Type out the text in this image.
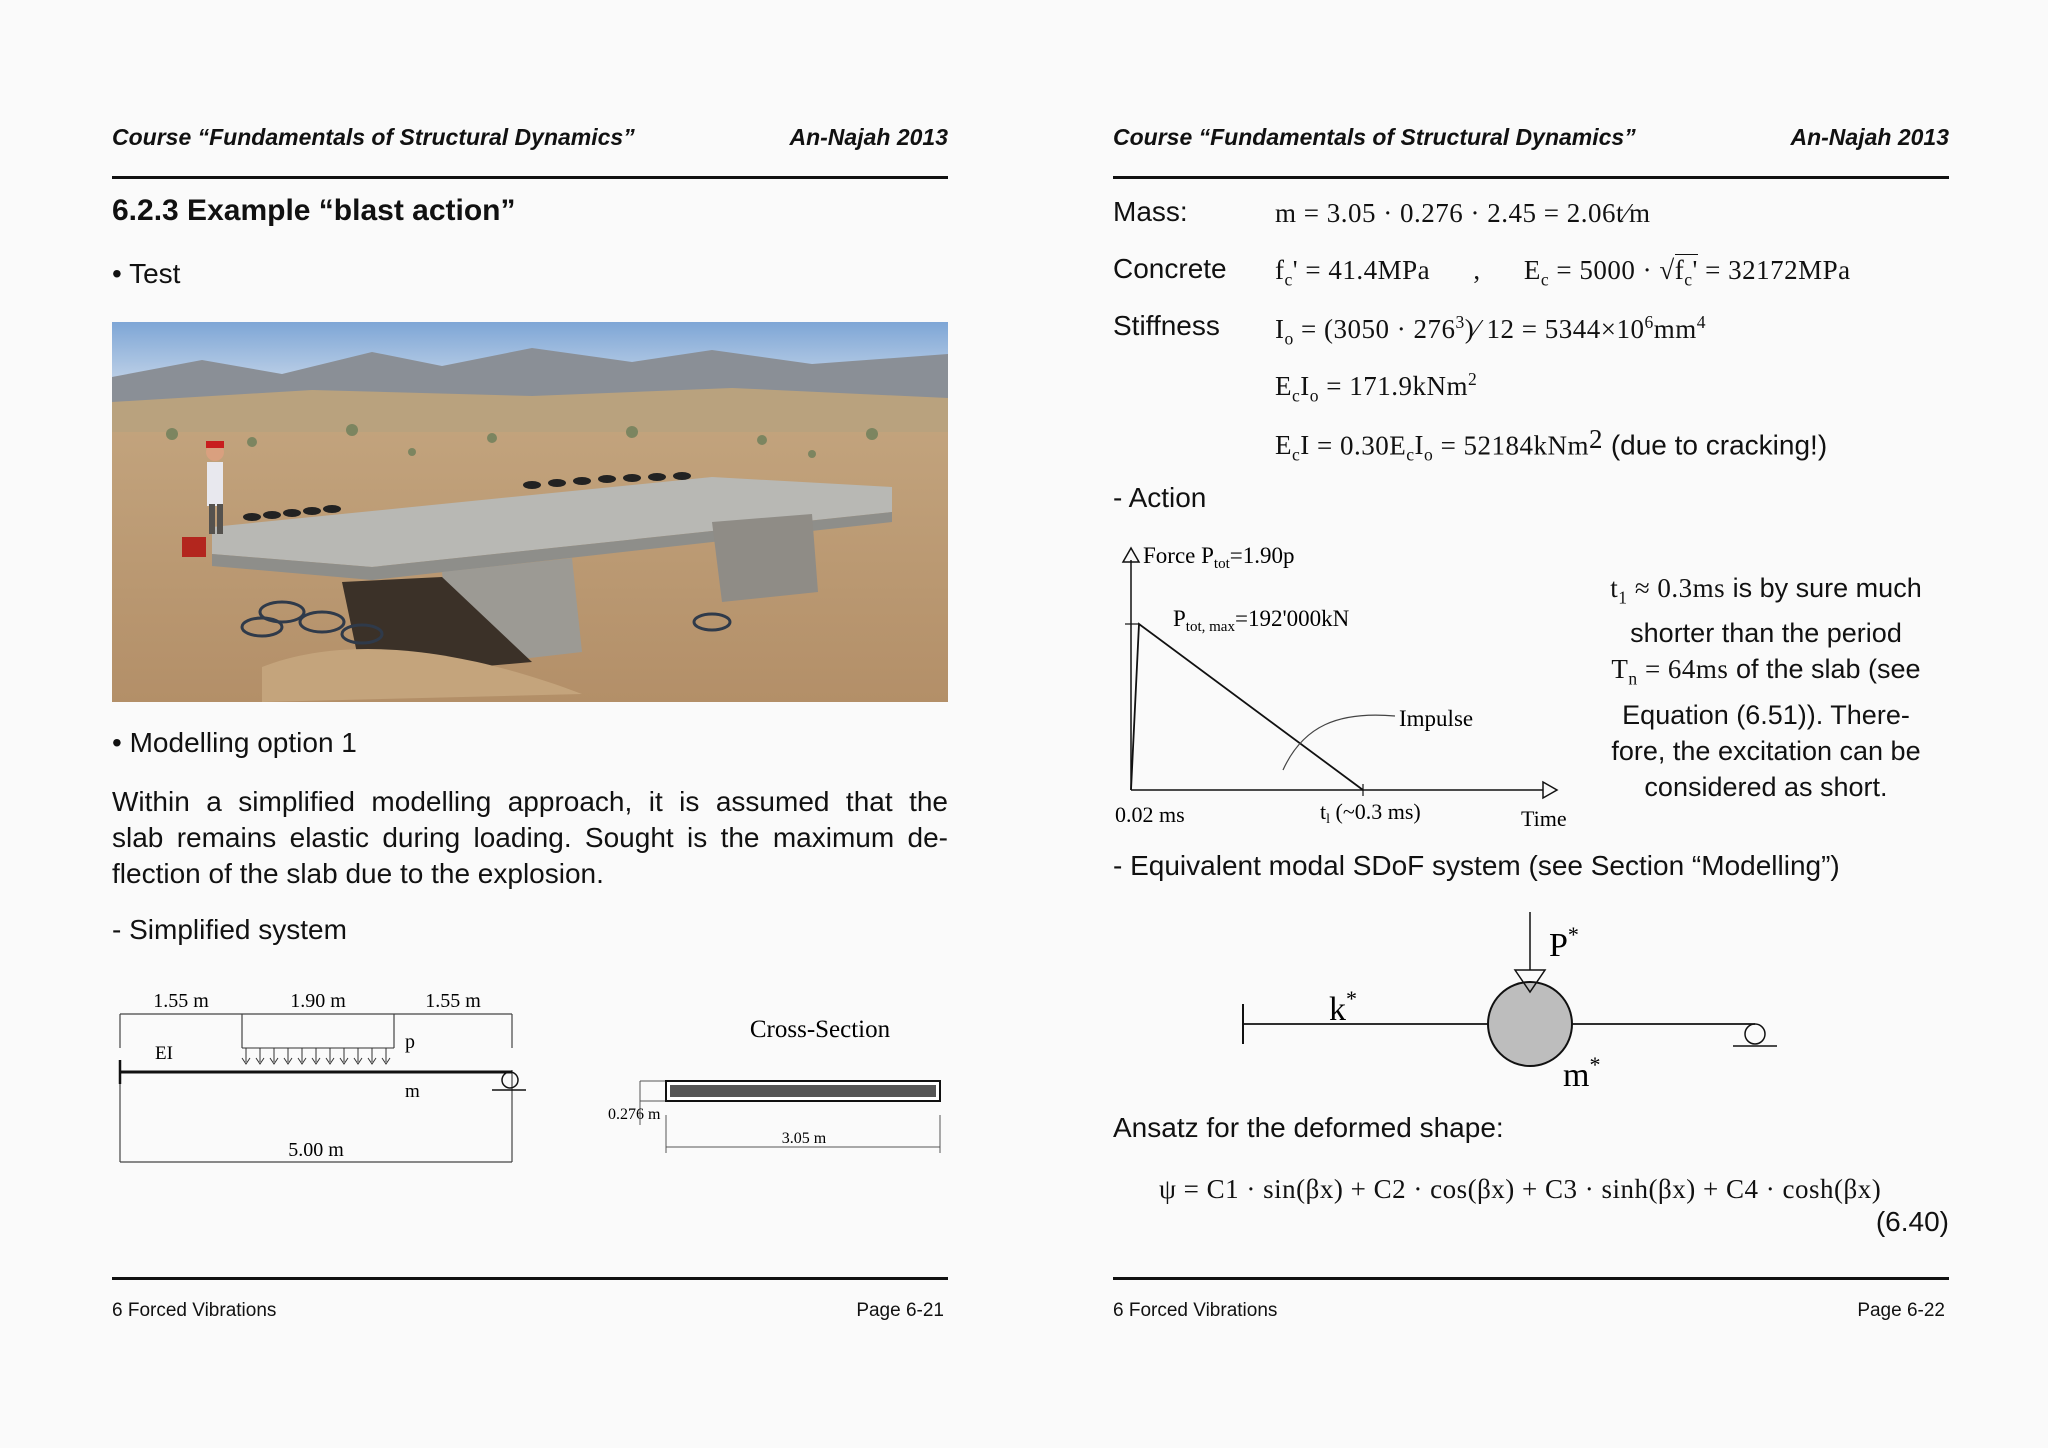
Course “Fundamentals of Structural Dynamics”	An-Najah 2013
6.2.3 Example “blast action”
• Test
• Modelling option 1
Within a simplified modelling approach, it is assumed that the
slab remains elastic during loading. Sought is the maximum de-
flection of the slab due to the explosion.
- Simplified system
1.55 m	1.90 m	1.55 m
EI
p
m
5.00 m
Cross-Section
0.276 m
3.05 m
6 Forced Vibrations	Page 6-21
Course “Fundamentals of Structural Dynamics”	An-Najah 2013
Mass:	m = 3.05 · 0.276 · 2.45 = 2.06t⁄m
Concrete $f_c' = 41.4MPa$ , $E_c = 5000 \cdot √f_c' = 32172MPa$
Stiffness $I_o = (3050$ · $276^3)⁄$ $12 = 5344\times 10^6mm^4$
$E_cI_o = 171.9kNm^2$
$E_cI = 0.30E_cI_o = 52184kNm^2$ (due to cracking!)
- Action
Force $P_{tot}=1.90p$
$P_{tot, max}=192'000kN$
Impulse
0.02 ms	tl (~0.3 ms)	Time
$t_1 \approx 0.3ms$ is by sure much
shorter than the period
$T_n = 64ms$ of the slab (see
Equation (6.51)). There-
fore, the excitation can be
considered as short.
- Equivalent modal SDoF system (see Section “Modelling”)
P*
k*
m*
Ansatz for the deformed shape:
ψ = C1 · sin(βx) + C2 · cos(βx) + C3 · sinh(βx) + C4 · cosh(βx)
(6.40)
6 Forced Vibrations	Page 6-22
